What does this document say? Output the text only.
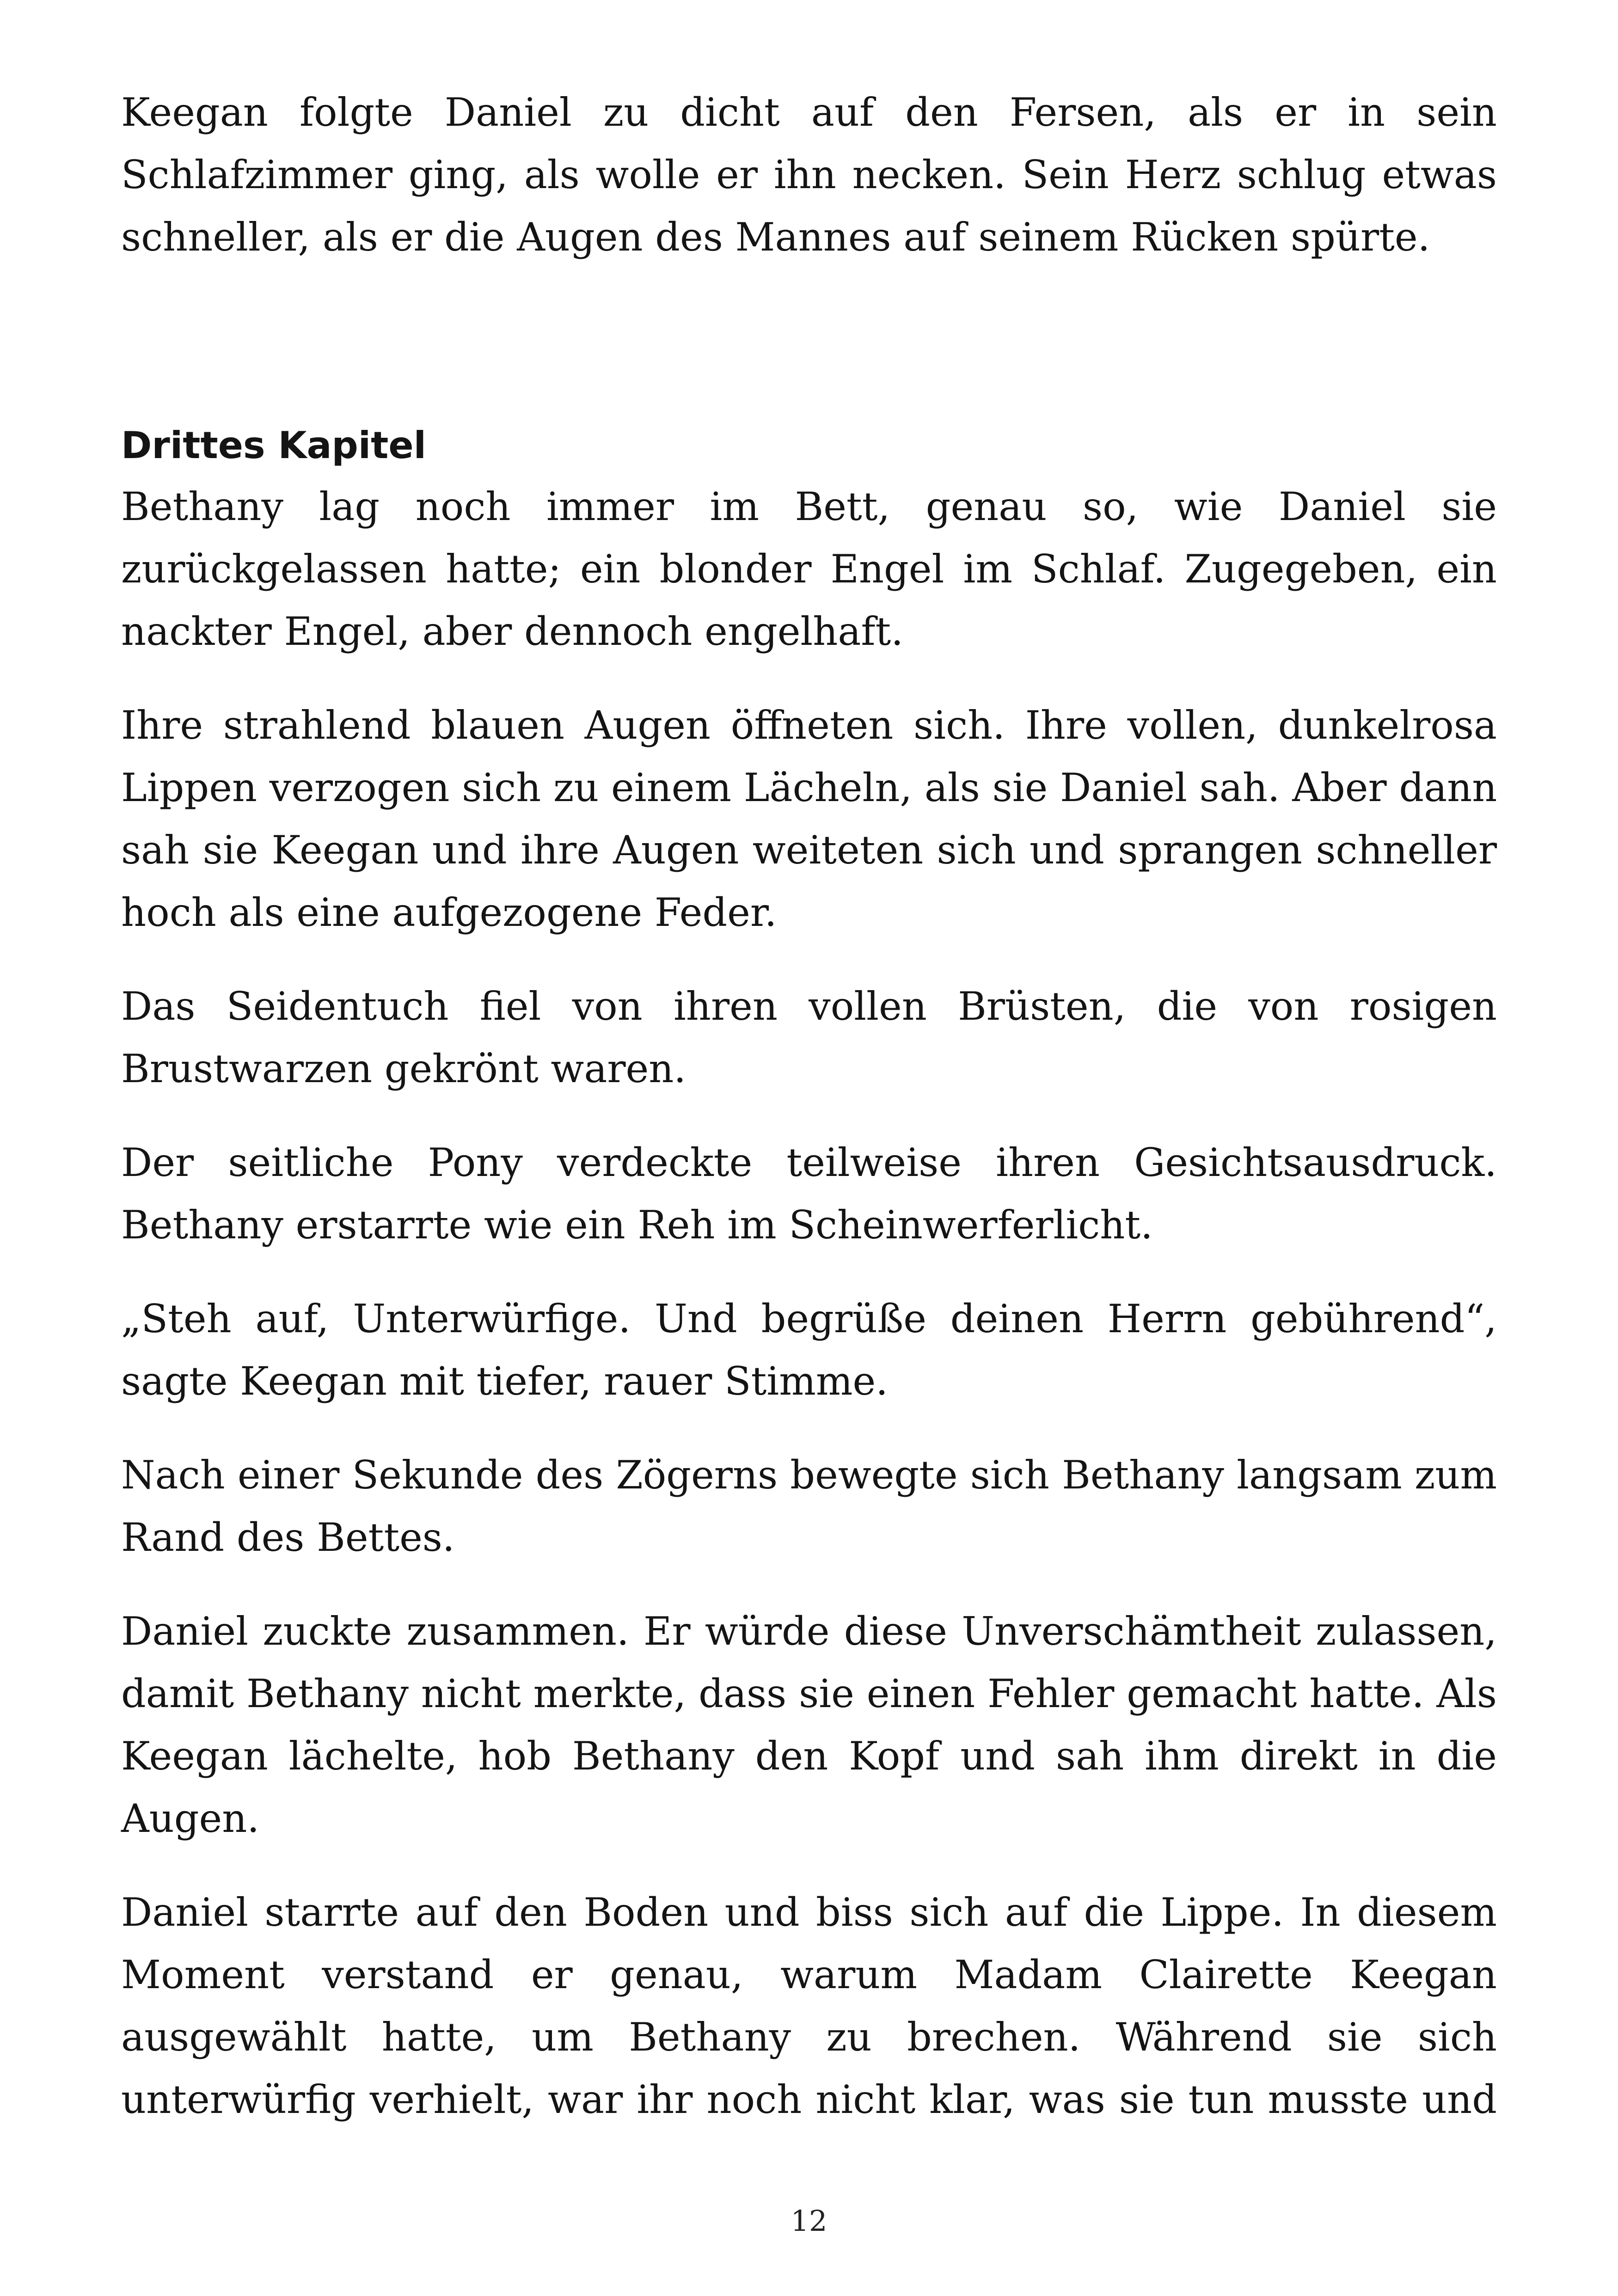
Keegan folgte Daniel zu dicht auf den Fersen, als er in sein
Schlafzimmer ging, als wolle er ihn necken. Sein Herz schlug etwas
schneller, als er die Augen des Mannes auf seinem Rücken spürte.

Drittes Kapitel

Bethany lag noch immer im Bett, genau so, wie Daniel sie
zurückgelassen hatte; ein blonder Engel im Schlaf. Zugegeben, ein
nackter Engel, aber dennoch engelhaft.

Ihre strahlend blauen Augen öffneten sich. Ihre vollen, dunkelrosa
Lippen verzogen sich zu einem Lächeln, als sie Daniel sah. Aber dann
sah sie Keegan und ihre Augen weiteten sich und sprangen schneller
hoch als eine aufgezogene Feder.

Das Seidentuch fiel von ihren vollen Brüsten, die von rosigen
Brustwarzen gekrönt waren.

Der seitliche Pony verdeckte teilweise ihren Gesichtsausdruck.
Bethany erstarrte wie ein Reh im Scheinwerferlicht.

„Steh auf, Unterwürfige. Und begrüße deinen Herrn gebührend“,
sagte Keegan mit tiefer, rauer Stimme.

Nach einer Sekunde des Zögerns bewegte sich Bethany langsam zum
Rand des Bettes.

Daniel zuckte zusammen. Er würde diese Unverschämtheit zulassen,
damit Bethany nicht merkte, dass sie einen Fehler gemacht hatte. Als
Keegan lächelte, hob Bethany den Kopf und sah ihm direkt in die
Augen.

Daniel starrte auf den Boden und biss sich auf die Lippe. In diesem
Moment verstand er genau, warum Madam Clairette Keegan
ausgewählt hatte, um Bethany zu brechen. Während sie sich
unterwürfig verhielt, war ihr noch nicht klar, was sie tun musste und

12
